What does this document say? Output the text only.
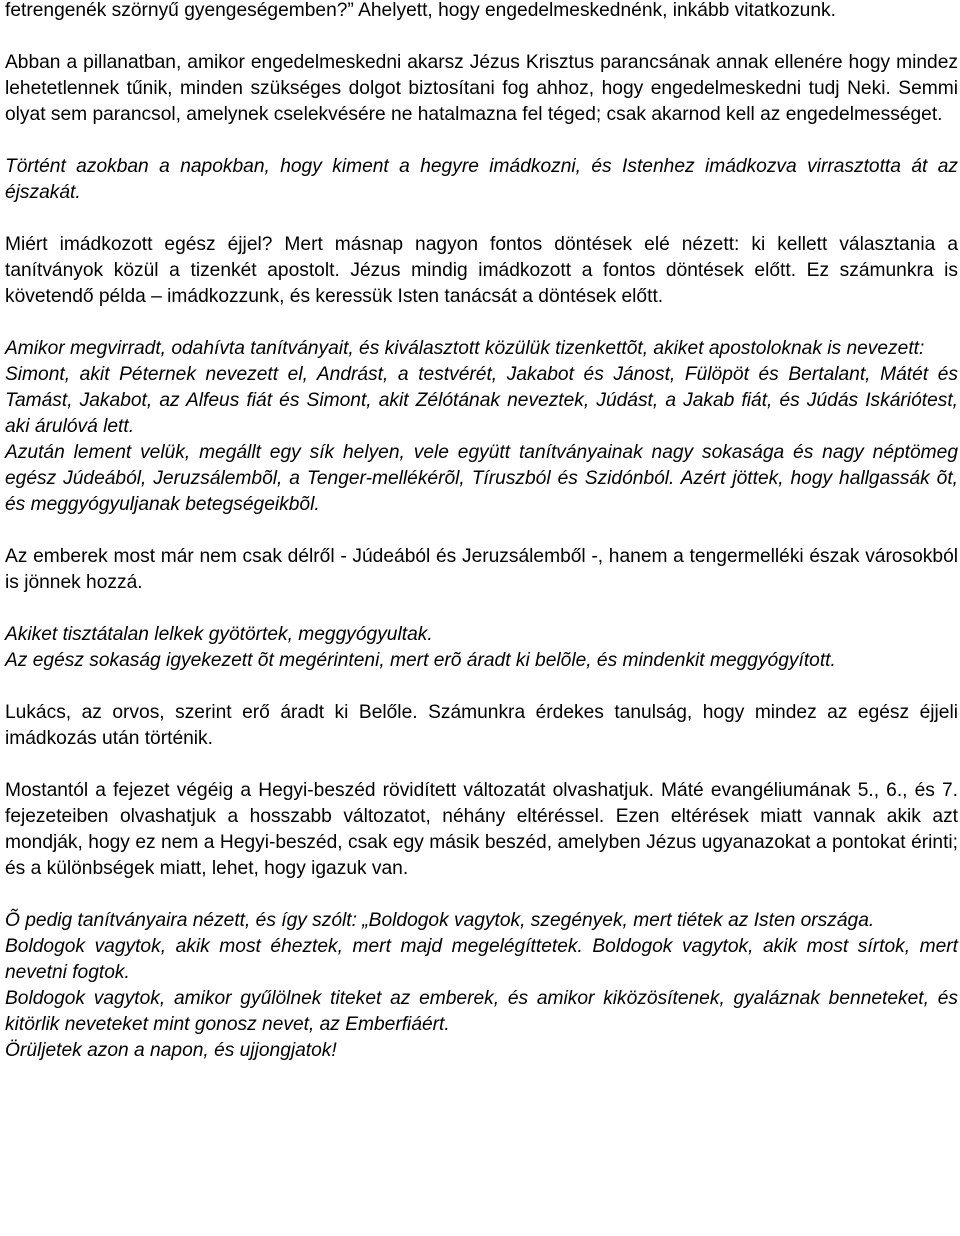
fetrengenék szörnyű gyengeségemben?” Ahelyett, hogy engedelmeskednénk, inkább vitatkozunk.

Abban a pillanatban, amikor engedelmeskedni akarsz Jézus Krisztus parancsának annak ellenére hogy mindez lehetetlennek tűnik, minden szükséges dolgot biztosítani fog ahhoz, hogy engedelmeskedni tudj Neki. Semmi olyat sem parancsol, amelynek cselekvésére ne hatalmazna fel téged; csak akarnod kell az engedelmességet.

Történt azokban a napokban, hogy kiment a hegyre imádkozni, és Istenhez imádkozva virrasztotta át az éjszakát.

Miért imádkozott egész éjjel? Mert másnap nagyon fontos döntések elé nézett: ki kellett választania a tanítványok közül a tizenkét apostolt. Jézus mindig imádkozott a fontos döntések előtt. Ez számunkra is követendő példa – imádkozzunk, és keressük Isten tanácsát a döntések előtt.

Amikor megvirradt, odahívta tanítványait, és kiválasztott közülük tizenkettõt, akiket apostoloknak is nevezett:

Simont, akit Péternek nevezett el, Andrást, a testvérét, Jakabot és Jánost, Fülöpöt és Bertalant, Mátét és Tamást, Jakabot, az Alfeus fiát és Simont, akit Zélótának neveztek, Júdást, a Jakab fiát, és Júdás Iskáriótest, aki árulóvá lett.

Azután lement velük, megállt egy sík helyen, vele együtt tanítványainak nagy sokasága és nagy néptömeg egész Júdeából, Jeruzsálembõl, a Tenger-mellékérõl, Tíruszból és Szidónból. Azért jöttek, hogy hallgassák õt, és meggyógyuljanak betegségeikbõl.

Az emberek most már nem csak délről - Júdeából és Jeruzsálemből -, hanem a tengermelléki észak városokból is jönnek hozzá.

Akiket tisztátalan lelkek gyötörtek, meggyógyultak.

Az egész sokaság igyekezett õt megérinteni, mert erõ áradt ki belõle, és mindenkit meggyógyított.

Lukács, az orvos, szerint erő áradt ki Belőle. Számunkra érdekes tanulság, hogy mindez az egész éjjeli imádkozás után történik.

Mostantól a fejezet végéig a Hegyi-beszéd rövidített változatát olvashatjuk. Máté evangéliumának 5., 6., és 7. fejezeteiben olvashatjuk a hosszabb változatot, néhány eltéréssel. Ezen eltérések miatt vannak akik azt mondják, hogy ez nem a Hegyi-beszéd, csak egy másik beszéd, amelyben Jézus ugyanazokat a pontokat érinti; és a különbségek miatt, lehet, hogy igazuk van.

Õ pedig tanítványaira nézett, és így szólt: „Boldogok vagytok, szegények, mert tiétek az Isten országa.

Boldogok vagytok, akik most éheztek, mert majd megelégíttetek. Boldogok vagytok, akik most sírtok, mert nevetni fogtok.

Boldogok vagytok, amikor gyűlölnek titeket az emberek, és amikor kiközösítenek, gyaláznak benneteket, és kitörlik neveteket mint gonosz nevet, az Emberfiáért.

Örüljetek azon a napon, és ujjongjatok!
